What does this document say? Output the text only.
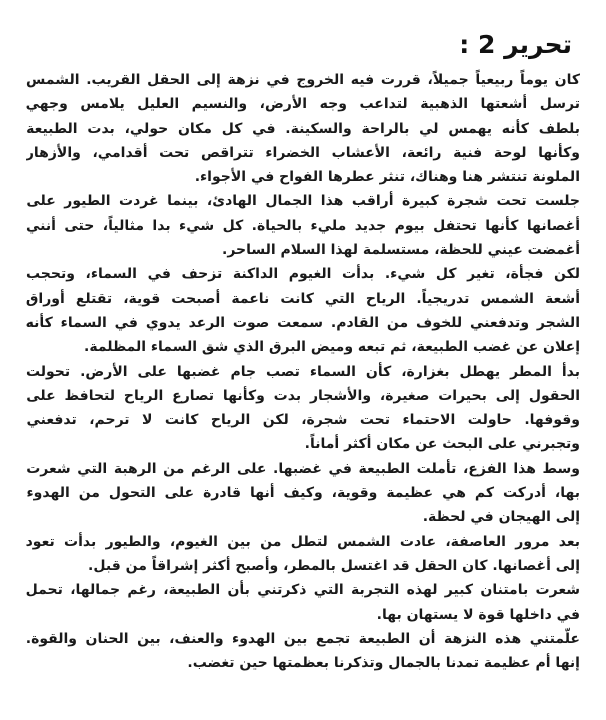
تحرير 2 :
كان يوماً ربيعياً جميلاً، قررت فيه الخروج في نزهة إلى الحقل القريب. الشمس
ترسل أشعتها الذهبية لتداعب وجه الأرض، والنسيم العليل يلامس وجهي
بلطف كأنه يهمس لي بالراحة والسكينة. في كل مكان حولي، بدت الطبيعة
وكأنها لوحة فنية رائعة، الأعشاب الخضراء تتراقص تحت أقدامي، والأزهار
الملونة تنتشر هنا وهناك، تنثر عطرها الفواح في الأجواء.
جلست تحت شجرة كبيرة أراقب هذا الجمال الهادئ، بينما غردت الطيور على
أغصانها كأنها تحتفل بيوم جديد مليء بالحياة. كل شيء بدا مثالياً، حتى أنني
أغمضت عيني للحظة، مستسلمة لهذا السلام الساحر.
لكن فجأة، تغير كل شيء. بدأت الغيوم الداكنة تزحف في السماء، وتحجب
أشعة الشمس تدريجياً. الرياح التي كانت ناعمة أصبحت قوية، تقتلع أوراق
الشجر وتدفعني للخوف من القادم. سمعت صوت الرعد يدوي في السماء كأنه
إعلان عن غضب الطبيعة، ثم تبعه وميض البرق الذي شق السماء المظلمة.
بدأ المطر يهطل بغزارة، كأن السماء تصب جام غضبها على الأرض. تحولت
الحقول إلى بحيرات صغيرة، والأشجار بدت وكأنها تصارع الرياح لتحافظ على
وقوفها. حاولت الاحتماء تحت شجرة، لكن الرياح كانت لا ترحم، تدفعني
وتجبرني على البحث عن مكان أكثر أماناً.
وسط هذا الفزع، تأملت الطبيعة في غضبها. على الرغم من الرهبة التي شعرت
بها، أدركت كم هي عظيمة وقوية، وكيف أنها قادرة على التحول من الهدوء
إلى الهيجان في لحظة.
بعد مرور العاصفة، عادت الشمس لتطل من بين الغيوم، والطيور بدأت تعود
إلى أغصانها. كان الحقل قد اغتسل بالمطر، وأصبح أكثر إشراقاً من قبل.
شعرت بامتنان كبير لهذه التجربة التي ذكرتني بأن الطبيعة، رغم جمالها، تحمل
في داخلها قوة لا يستهان بها.
علّمتني هذه النزهة أن الطبيعة تجمع بين الهدوء والعنف، بين الحنان والقوة.
إنها أم عظيمة تمدنا بالجمال وتذكرنا بعظمتها حين تغضب.
